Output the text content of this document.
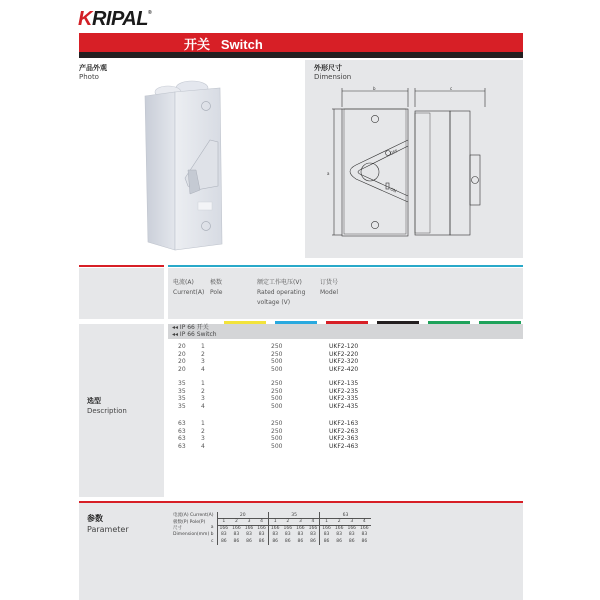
KRIPAL®
开关 Switch
产品外观
Photo
外形尺寸
Dimension
b	c
a
OFF
ON
电流(A)
Current(A)
极数
Pole
额定工作电压(V)
Rated operating
voltage (V)
订货号
Model
◂◂ IP 66 开关
◂◂ IP 66 Switch
选型
Description
20	1	250	UKF2-120
20	2	250	UKF2-220
20	3	500	UKF2-320
20	4	500	UKF2-420
35	1	250	UKF2-135
35	2	250	UKF2-235
35	3	500	UKF2-335
35	4	500	UKF2-435
63	1	250	UKF2-163
63	2	250	UKF2-263
63	3	500	UKF2-363
63	4	500	UKF2-463
参数
Parameter
电流(A) Current(A)	20				35				63			
极数(P) Pole(P)	1	2	3	4	1	2	3	4	1	2	3	4
尺寸 a	166	166	166	166	166	166	166	166	166	166	166	166
Dimension(mm) b	83	83	83	83	83	83	83	83	83	83	83	83

c	86	86	86	86	86	86	86	86	86	86	86	86
